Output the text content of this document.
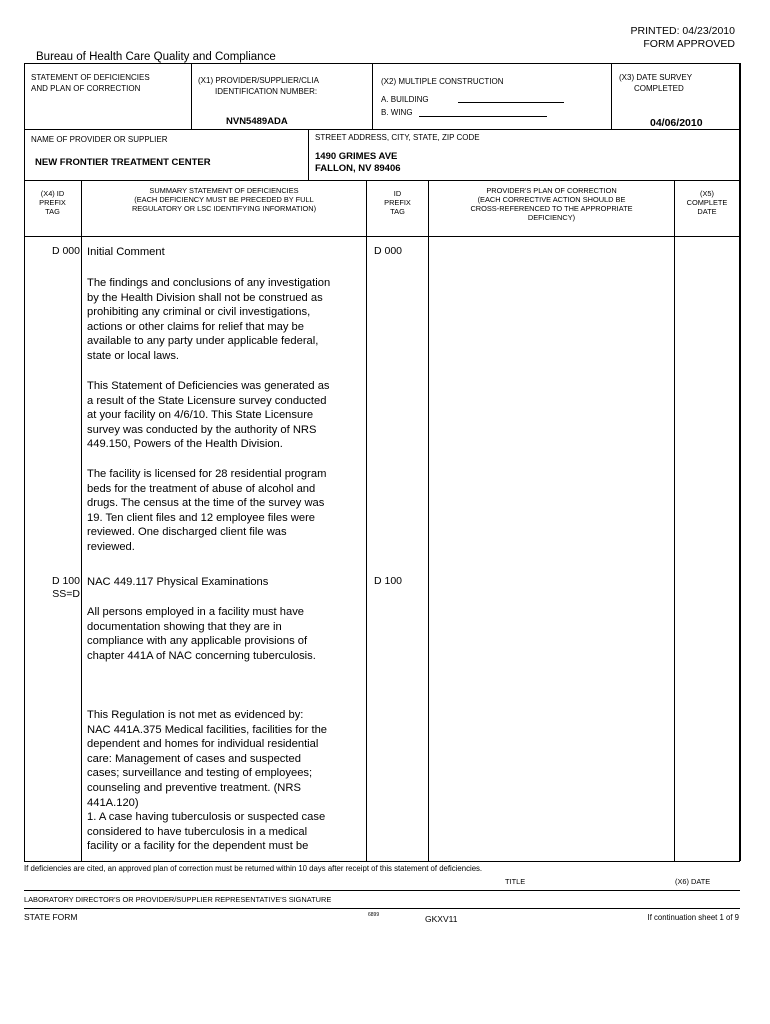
PRINTED: 04/23/2010
FORM APPROVED
Bureau of Health Care Quality and Compliance
STATEMENT OF DEFICIENCIES
AND PLAN OF CORRECTION
(X1) PROVIDER/SUPPLIER/CLIA
IDENTIFICATION NUMBER:
NVN5489ADA
(X2) MULTIPLE CONSTRUCTION
A. BUILDING
B. WING
(X3) DATE SURVEY
COMPLETED
04/06/2010
NAME OF PROVIDER OR SUPPLIER
NEW FRONTIER TREATMENT CENTER
STREET ADDRESS, CITY, STATE, ZIP CODE
1490 GRIMES AVE
FALLON, NV 89406
(X4) ID
PREFIX
TAG
SUMMARY STATEMENT OF DEFICIENCIES
(EACH DEFICIENCY MUST BE PRECEDED BY FULL
REGULATORY OR LSC IDENTIFYING INFORMATION)
ID
PREFIX
TAG
PROVIDER'S PLAN OF CORRECTION
(EACH CORRECTIVE ACTION SHOULD BE
CROSS-REFERENCED TO THE APPROPRIATE
DEFICIENCY)
(X5)
COMPLETE
DATE
D 000 Initial Comment	D 000
The findings and conclusions of any investigation
by the Health Division shall not be construed as
prohibiting any criminal or civil investigations,
actions or other claims for relief that may be
available to any party under applicable federal,
state or local laws.
This Statement of Deficiencies was generated as
a result of the State Licensure survey conducted
at your facility on 4/6/10. This State Licensure
survey was conducted by the authority of NRS
449.150, Powers of the Health Division.
The facility is licensed for 28 residential program
beds for the treatment of abuse of alcohol and
drugs. The census at the time of the survey was
19. Ten client files and 12 employee files were
reviewed. One discharged client file was
reviewed.
D 100
SS=D
NAC 449.117 Physical Examinations	D 100
All persons employed in a facility must have
documentation showing that they are in
compliance with any applicable provisions of
chapter 441A of NAC concerning tuberculosis.
This Regulation is not met as evidenced by:
NAC 441A.375 Medical facilities, facilities for the
dependent and homes for individual residential
care: Management of cases and suspected
cases; surveillance and testing of employees;
counseling and preventive treatment. (NRS
441A.120)
1. A case having tuberculosis or suspected case
considered to have tuberculosis in a medical
facility or a facility for the dependent must be
If deficiencies are cited, an approved plan of correction must be returned within 10 days after receipt of this statement of deficiencies.
TITLE	(X6) DATE
LABORATORY DIRECTOR'S OR PROVIDER/SUPPLIER REPRESENTATIVE'S SIGNATURE
STATE FORM	6899	GKXV11	If continuation sheet 1 of 9
